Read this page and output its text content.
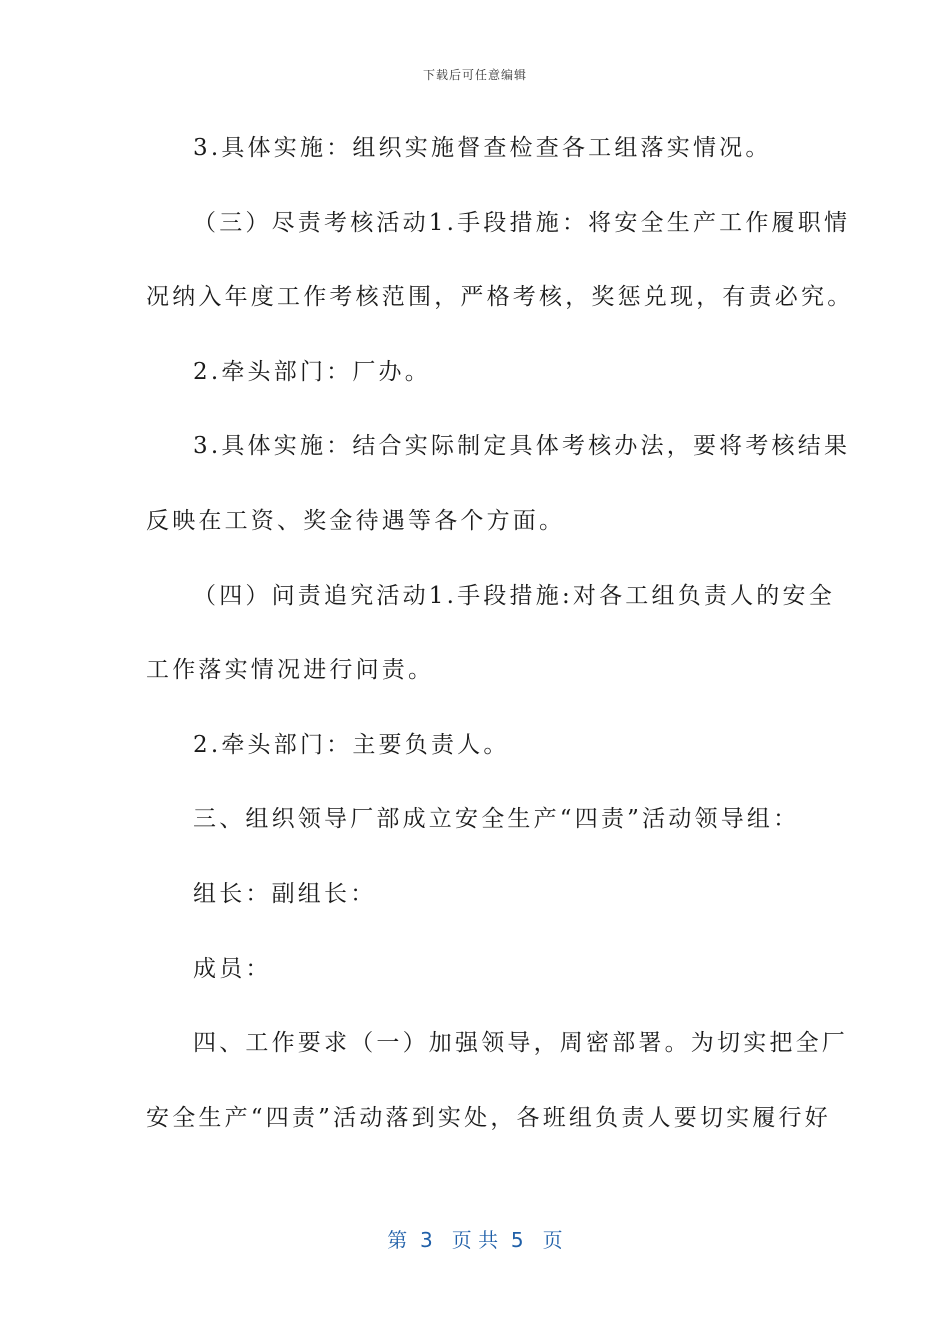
下载后可任意编辑
3.具体实施：组织实施督查检查各工组落实情况。
（三）尽责考核活动1.手段措施：将安全生产工作履职情
况纳入年度工作考核范围，严格考核，奖惩兑现，有责必究。
2.牵头部门：厂办。
3.具体实施：结合实际制定具体考核办法，要将考核结果
反映在工资、奖金待遇等各个方面。
（四）问责追究活动1.手段措施:对各工组负责人的安全
工作落实情况进行问责。
2.牵头部门：主要负责人。
三、组织领导厂部成立安全生产“四责”活动领导组：
组长：副组长：
成员：
四、工作要求（一）加强领导，周密部署。为切实把全厂
安全生产“四责”活动落到实处，各班组负责人要切实履行好
第  3   页 共  5   页
